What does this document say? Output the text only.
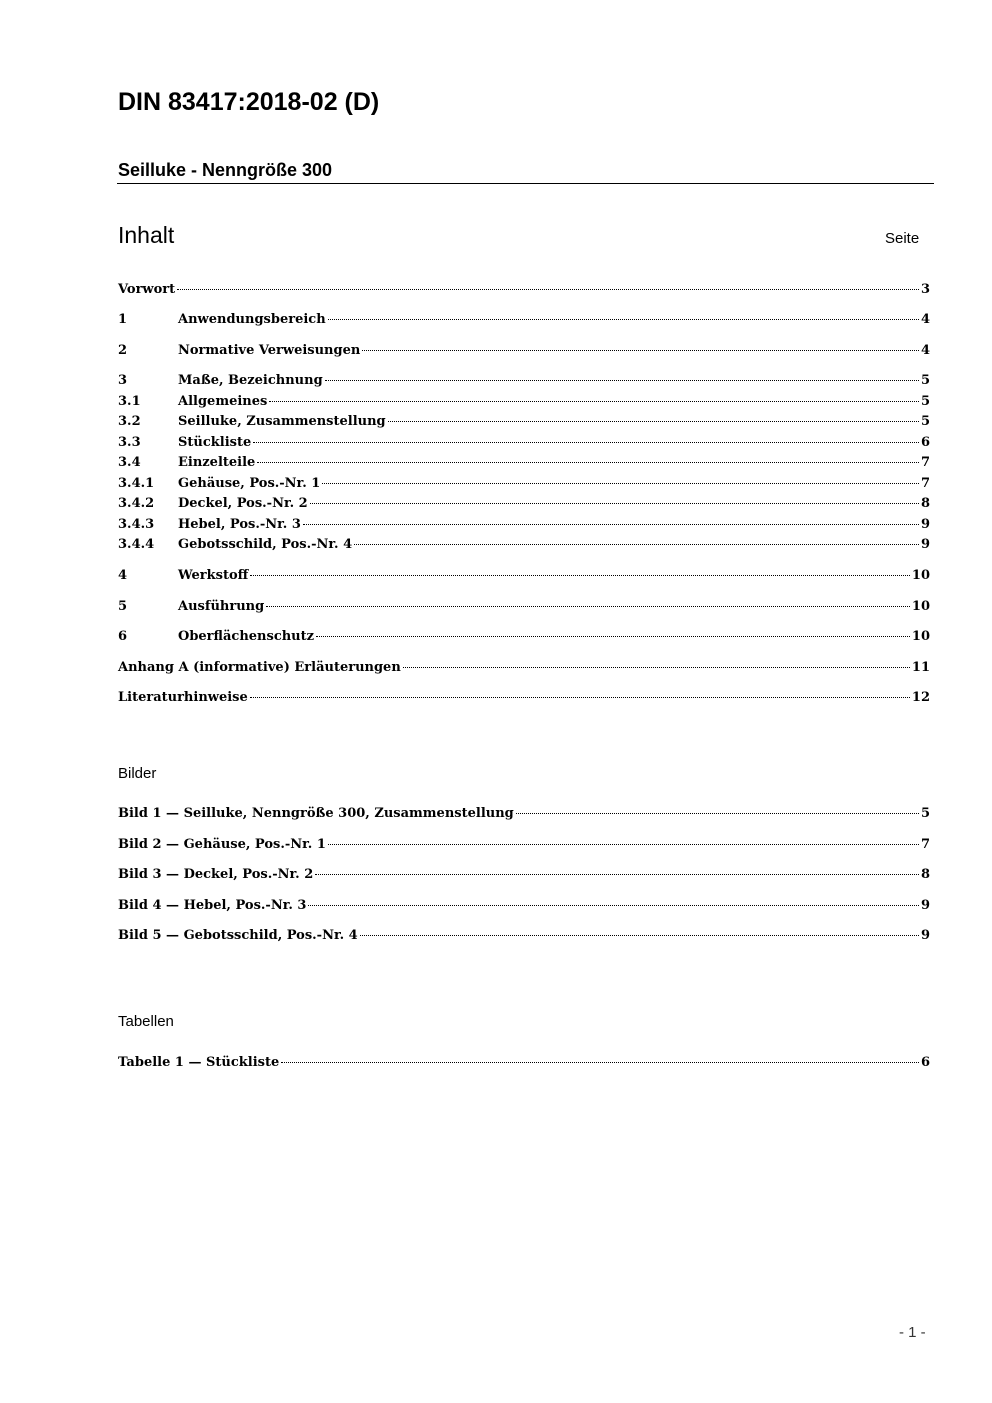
DIN 83417:2018-02 (D)
Seilluke - Nenngröße 300
Inhalt	Seite
Vorwort	3
1	Anwendungsbereich	4
2	Normative Verweisungen	4
3	Maße, Bezeichnung	5
3.1	Allgemeines	5
3.2	Seilluke, Zusammenstellung	5
3.3	Stückliste	6
3.4	Einzelteile	7
3.4.1	Gehäuse, Pos.-Nr. 1	7
3.4.2	Deckel, Pos.-Nr. 2	8
3.4.3	Hebel, Pos.-Nr. 3	9
3.4.4	Gebotsschild, Pos.-Nr. 4	9
4	Werkstoff	10
5	Ausführung	10
6	Oberflächenschutz	10
Anhang A (informative) Erläuterungen	11
Literaturhinweise	12
Bilder
Bild 1 — Seilluke, Nenngröße 300, Zusammenstellung	5
Bild 2 — Gehäuse, Pos.-Nr. 1	7
Bild 3 — Deckel, Pos.-Nr. 2	8
Bild 4 — Hebel, Pos.-Nr. 3	9
Bild 5 — Gebotsschild, Pos.-Nr. 4	9
Tabellen
Tabelle 1 — Stückliste	6
- 1 -
